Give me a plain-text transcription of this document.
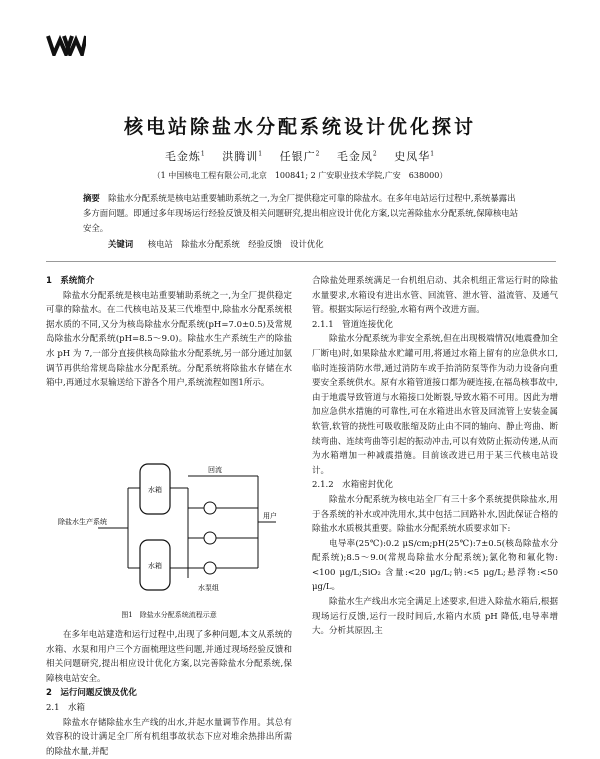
核电站除盐水分配系统设计优化探讨
毛金炼$^1$　 洪腾训$^1$　 任银广$^2$　 毛金凤$^2$　 史凤华$^1$
（1 中国核电工程有限公司,北京　100841; 2 广安职业技术学院,广安　638000）
摘要　 除盐水分配系统是核电站重要辅助系统之一,为全厂提供稳定可靠的除盐水。在多年电站运行过程中,系统暴露出多方面问题。即通过多年现场运行经验反馈及相关问题研究,提出相应设计优化方案,以完善除盐水分配系统,保障核电站安全。
关键词 核电站　 除盐水分配系统　 经验反馈　 设计优化
1　系统简介

除盐水分配系统是核电站重要辅助系统之一,为全厂提供稳定可靠的除盐水。在二代核电站及某三代堆型中,除盐水分配系统根据水质的不同,又分为核岛除盐水分配系统(pH=7.0±0.5)及常规岛除盐水分配系统(pH=8.5～9.0)。除盐水生产系统生产的除盐水 pH 为 7,一部分直接供核岛除盐水分配系统,另一部分通过加氨调节再供给常规岛除盐水分配系统。分配系统将除盐水存储在水箱中,再通过水泵输送给下游各个用户,系统流程如图1所示。

水箱
水箱
除盐水生产系统
回流
用户
水泵组
图1　除盐水分配系统流程示意

在多年电站建造和运行过程中,出现了多种问题,本文从系统的水箱、水泵和用户三个方面梳理这些问题,并通过现场经验反馈和相关问题研究,提出相应设计优化方案,以完善除盐水分配系统,保障核电站安全。

2　运行问题反馈及优化
2.1　水箱

除盐水存储除盐水生产线的出水,并起水量调节作用。其总有效容积的设计满足全厂所有机组事故状态下应对堆余热排出所需的除盐水量,并配

合除盐处理系统满足一台机组启动、其余机组正常运行时的除盐水量要求,水箱设有进出水管、回流管、泄水管、溢流管、及通气管。根据实际运行经验,水箱有两个改进方面。

2.1.1　管道连接优化

除盐水分配系统为非安全系统,但在出现极端情况(地震叠加全厂断电)时,如果除盐水贮罐可用,将通过水箱上留有的应急供水口,临时连接消防水带,通过消防车或手抬消防泵等作为动力设备向重要安全系统供水。原有水箱管道接口都为硬连接,在福岛核事故中,由于地震导致管道与水箱接口处断裂,导致水箱不可用。因此为增加应急供水措施的可靠性,可在水箱进出水管及回流管上安装金属软管,软管的挠性可吸收胀缩及防止由不同的轴向、静止弯曲、断续弯曲、连续弯曲等引起的振动冲击,可以有效防止振动传递,从而为水箱增加一种减震措施。目前该改进已用于某三代核电站设计。

2.1.2　水箱密封优化

除盐水分配系统为核电站全厂有三十多个系统提供除盐水,用于各系统的补水或冲洗用水,其中包括二回路补水,因此保证合格的除盐水水质极其重要。除盐水分配系统水质要求如下:

电导率(25℃):0.2 μS/cm;pH(25℃):7±0.5(核岛除盐水分配系统);8.5～9.0(常规岛除盐水分配系统);氯化物和氟化物:<100 μg/L;SiO₂ 含量:<20 μg/L;钠:<5 μg/L;悬浮物:<50 μg/L。

除盐水生产线出水完全满足上述要求,但进入除盐水箱后,根据现场运行反馈,运行一段时间后,水箱内水质 pH 降低,电导率增大。分析其原因,主
